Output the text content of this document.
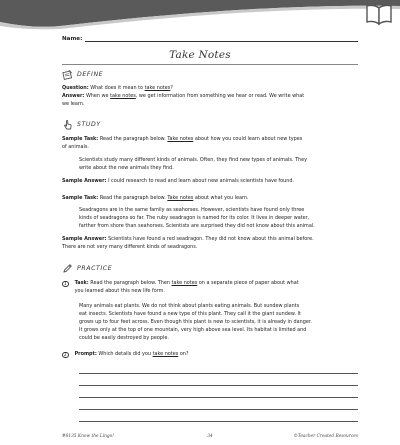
Name:
Take Notes
DEFINE
Question: What does it mean to take notes?
Answer: When we take notes, we get information from something we hear or read. We write what
we learn.
STUDY
Sample Task: Read the paragraph below. Take notes about how you could learn about new types
of animals.
Scientists study many different kinds of animals. Often, they find new types of animals. They
write about the new animals they find.
Sample Answer: I could research to read and learn about new animals scientists have found.
Sample Task: Read the paragraph below. Take notes about what you learn.
Seadragons are in the same family as seahorses. However, scientists have found only three
kinds of seadragons so far. The ruby seadragon is named for its color. It lives in deeper water,
farther from shore than seahorses. Scientists are surprised they did not know about this animal.
Sample Answer: Scientists have found a red seadragon. They did not know about this animal before.
There are not very many different kinds of seadragons.
PRACTICE
1	Task: Read the paragraph below. Then take notes on a separate piece of paper about what
you learned about this new life form.
Many animals eat plants. We do not think about plants eating animals. But sundew plants
eat insects. Scientists have found a new type of this plant. They call it the giant sundew. It
grows up to four feet across. Even though this plant is new to scientists, it is already in danger.
It grows only at the top of one mountain, very high above sea level. Its habitat is limited and
could be easily destroyed by people.
2	Prompt: Which details did you take notes on?
#8135 Know the Lingo!	34	©Teacher Created Resources
